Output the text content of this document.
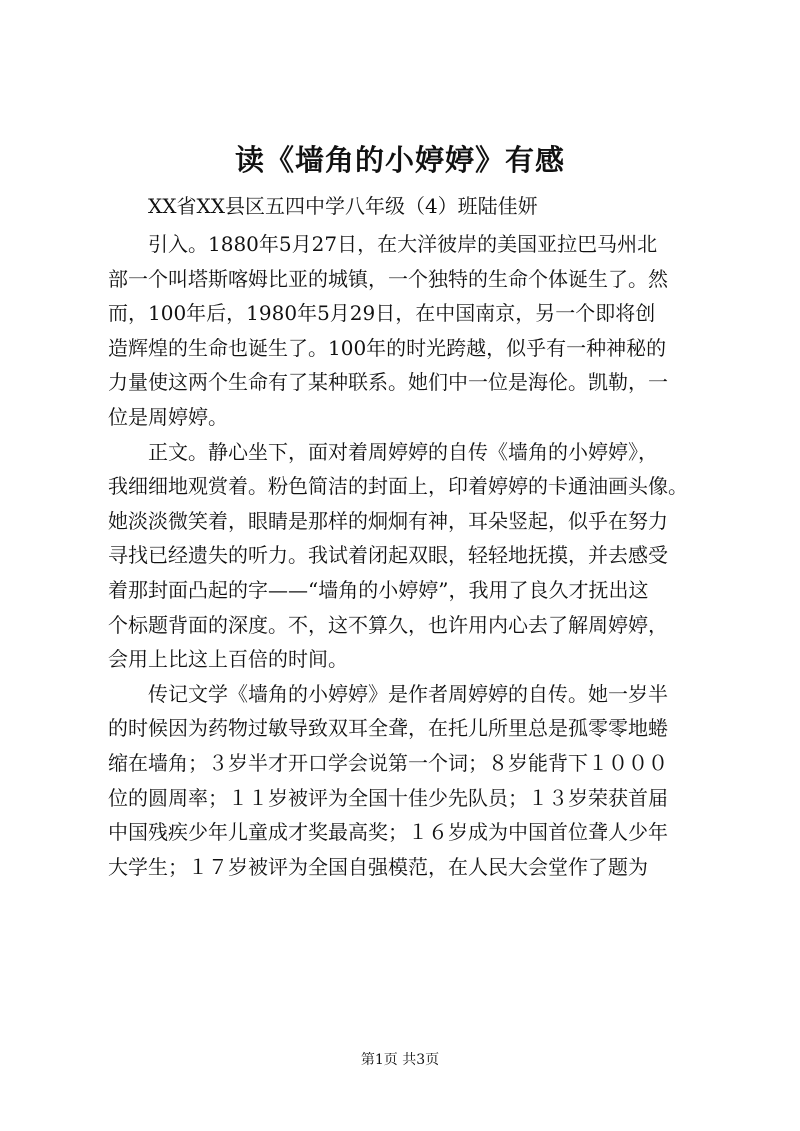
读《墙角的小婷婷》有感
XX省XX县区五四中学八年级（4）班陆佳妍

引入。1880年5月27日，在大洋彼岸的美国亚拉巴马州北
部一个叫塔斯喀姆比亚的城镇，一个独特的生命个体诞生了。然
而，100年后，1980年5月29日，在中国南京，另一个即将创
造辉煌的生命也诞生了。100年的时光跨越，似乎有一种神秘的
力量使这两个生命有了某种联系。她们中一位是海伦。凯勒，一
位是周婷婷。

正文。静心坐下，面对着周婷婷的自传《墙角的小婷婷》，
我细细地观赏着。粉色简洁的封面上，印着婷婷的卡通油画头像。
她淡淡微笑着，眼睛是那样的炯炯有神，耳朵竖起，似乎在努力
寻找已经遗失的听力。我试着闭起双眼，轻轻地抚摸，并去感受
着那封面凸起的字——“墙角的小婷婷”，我用了良久才抚出这
个标题背面的深度。不，这不算久，也许用内心去了解周婷婷，
会用上比这上百倍的时间。

传记文学《墙角的小婷婷》是作者周婷婷的自传。她一岁半
的时候因为药物过敏导致双耳全聋，在托儿所里总是孤零零地蜷
缩在墙角；３岁半才开口学会说第一个词；８岁能背下１０００
位的圆周率；１１岁被评为全国十佳少先队员；１３岁荣获首届
中国残疾少年儿童成才奖最高奖；１６岁成为中国首位聋人少年
大学生；１７岁被评为全国自强模范，在人民大会堂作了题为

第1页 共3页
